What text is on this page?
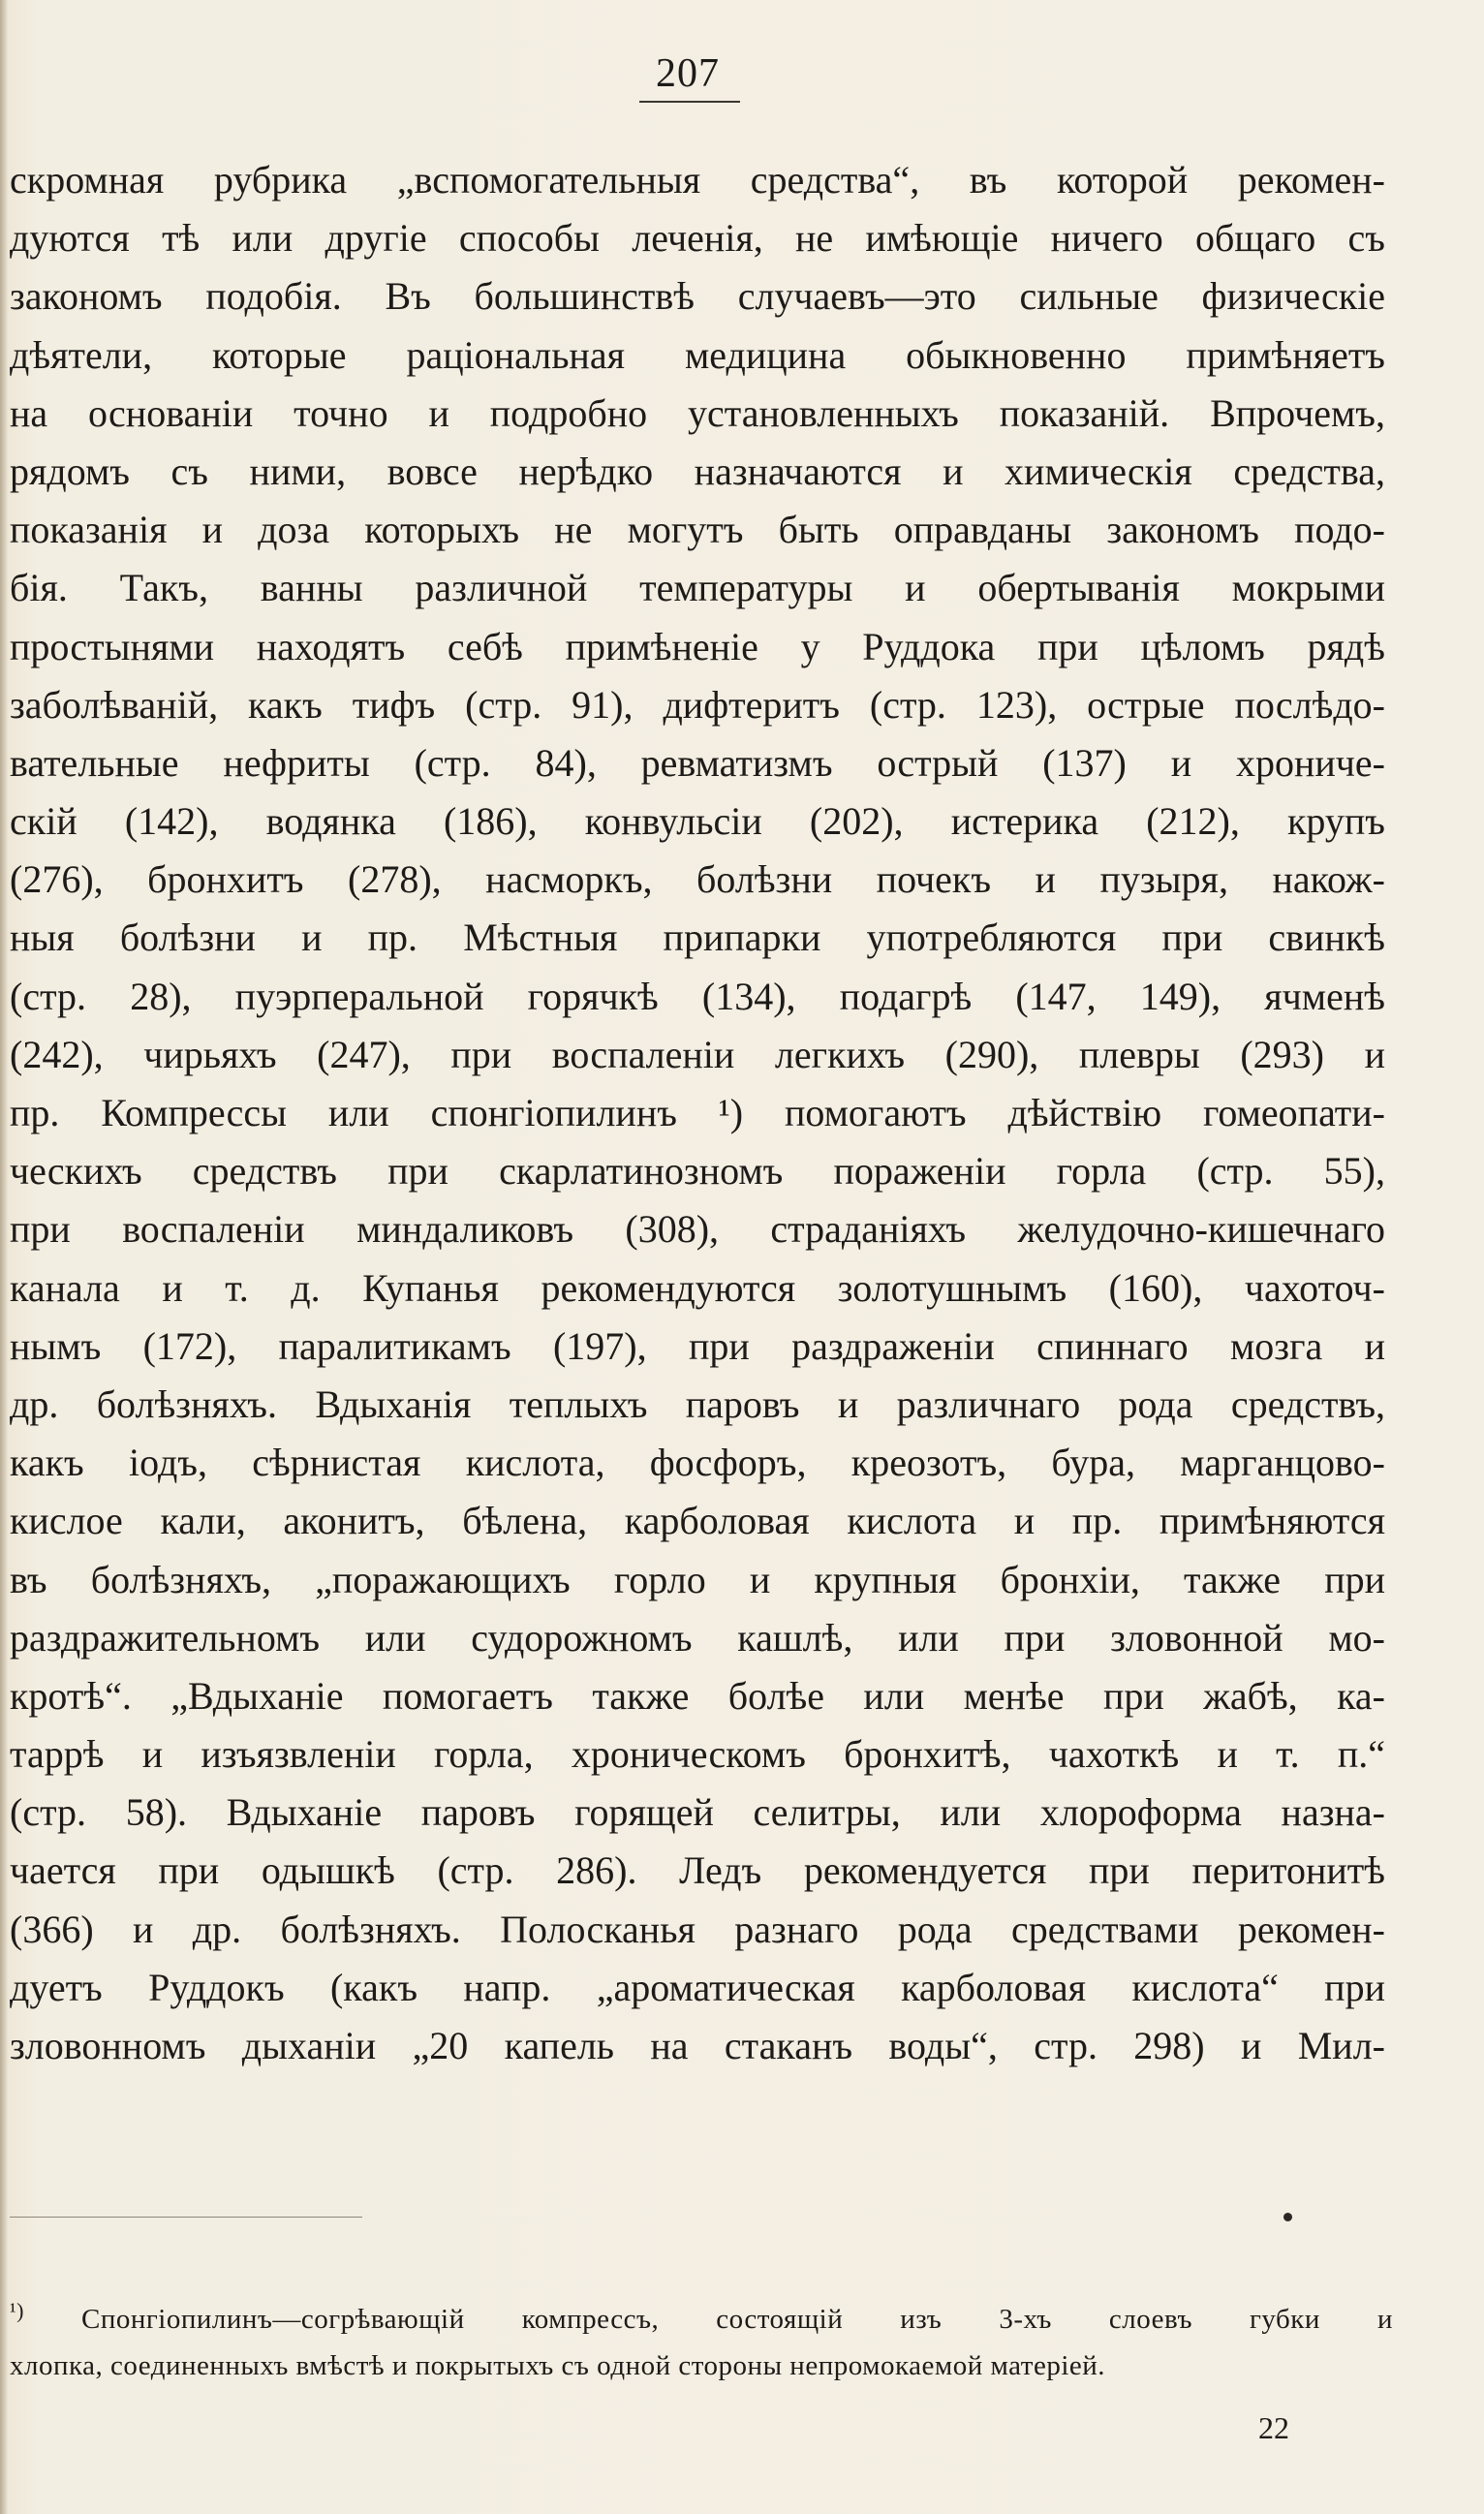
207
скромная рубрика „вспомогательныя средства“, въ которой рекомен-
дуются тѣ или другіе способы леченія, не имѣющіе ничего общаго съ
закономъ подобія. Въ большинствѣ случаевъ—это сильные физическіе
дѣятели, которые раціональная медицина обыкновенно примѣняетъ
на основаніи точно и подробно установленныхъ показаній. Впрочемъ,
рядомъ съ ними, вовсе нерѣдко назначаются и химическія средства,
показанія и доза которыхъ не могутъ быть оправданы закономъ подо-
бія. Такъ, ванны различной температуры и обертыванія мокрыми
простынями находятъ себѣ примѣненіе у Руддока при цѣломъ рядѣ
заболѣваній, какъ тифъ (стр. 91), дифтеритъ (стр. 123), острые послѣдо-
вательные нефриты (стр. 84), ревматизмъ острый (137) и хрониче-
скій (142), водянка (186), конвульсіи (202), истерика (212), крупъ
(276), бронхитъ (278), насморкъ, болѣзни почекъ и пузыря, накож-
ныя болѣзни и пр. Мѣстныя припарки употребляются при свинкѣ
(стр. 28), пуэрперальной горячкѣ (134), подагрѣ (147, 149), ячменѣ
(242), чирьяхъ (247), при воспаленіи легкихъ (290), плевры (293) и
пр. Компрессы или спонгіопилинъ ¹) помогаютъ дѣйствію гомеопати-
ческихъ средствъ при скарлатинозномъ пораженіи горла (стр. 55),
при воспаленіи миндаликовъ (308), страданіяхъ желудочно-кишечнаго
канала и т. д. Купанья рекомендуются золотушнымъ (160), чахоточ-
нымъ (172), паралитикамъ (197), при раздраженіи спиннаго мозга и
др. болѣзняхъ. Вдыханія теплыхъ паровъ и различнаго рода средствъ,
какъ іодъ, сѣрнистая кислота, фосфоръ, креозотъ, бура, марганцово-
кислое кали, аконитъ, бѣлена, карболовая кислота и пр. примѣняются
въ болѣзняхъ, „поражающихъ горло и крупныя бронхіи, также при
раздражительномъ или судорожномъ кашлѣ, или при зловонной мо-
кротѣ“. „Вдыханіе помогаетъ также болѣе или менѣе при жабѣ, ка-
таррѣ и изъязвленіи горла, хроническомъ бронхитѣ, чахоткѣ и т. п.“
(стр. 58). Вдыханіе паровъ горящей селитры, или хлороформа назна-
чается при одышкѣ (стр. 286). Ледъ рекомендуется при перитонитѣ
(366) и др. болѣзняхъ. Полосканья разнаго рода средствами рекомен-
дуетъ Руддокъ (какъ напр. „ароматическая карболовая кислота“ при
зловонномъ дыханіи „20 капель на стаканъ воды“, стр. 298) и Мил-
$^{^1)}$ Спонгіопилинъ—согрѣвающій компрессъ, состоящій изъ 3-хъ слоевъ губки и
хлопка, соединенныхъ вмѣстѣ и покрытыхъ съ одной стороны непромокаемой матеріей.
22
